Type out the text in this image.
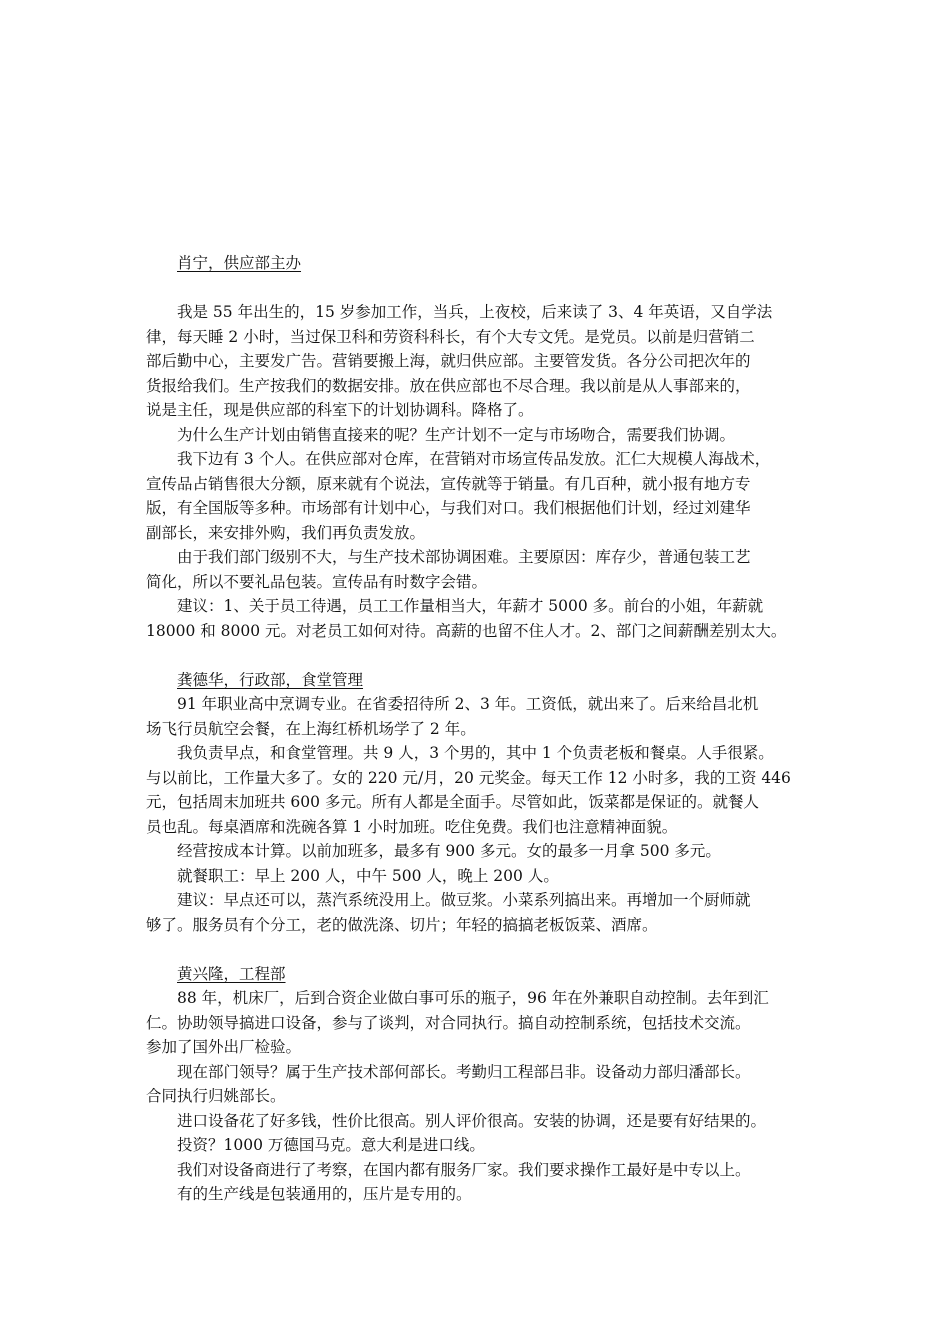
肖宁，供应部主办
我是 55 年出生的，15 岁参加工作，当兵，上夜校，后来读了 3、4 年英语，又自学法
律，每天睡 2 小时，当过保卫科和劳资科科长，有个大专文凭。是党员。以前是归营销二
部后勤中心，主要发广告。营销要搬上海，就归供应部。主要管发货。各分公司把次年的
货报给我们。生产按我们的数据安排。放在供应部也不尽合理。我以前是从人事部来的，
说是主任，现是供应部的科室下的计划协调科。降格了。
为什么生产计划由销售直接来的呢？生产计划不一定与市场吻合，需要我们协调。
我下边有 3 个人。在供应部对仓库，在营销对市场宣传品发放。汇仁大规模人海战术，
宣传品占销售很大分额，原来就有个说法，宣传就等于销量。有几百种，就小报有地方专
版，有全国版等多种。市场部有计划中心，与我们对口。我们根据他们计划，经过刘建华
副部长，来安排外购，我们再负责发放。
由于我们部门级别不大，与生产技术部协调困难。主要原因：库存少，普通包装工艺
简化，所以不要礼品包装。宣传品有时数字会错。
建议：1、关于员工待遇，员工工作量相当大，年薪才 5000 多。前台的小姐，年薪就
18000 和 8000 元。对老员工如何对待。高薪的也留不住人才。2、部门之间薪酬差别太大。
龚德华，行政部，食堂管理
91 年职业高中烹调专业。在省委招待所 2、3 年。工资低，就出来了。后来给昌北机
场飞行员航空会餐，在上海红桥机场学了 2 年。
我负责早点，和食堂管理。共 9 人，3 个男的，其中 1 个负责老板和餐桌。人手很紧。
与以前比，工作量大多了。女的 220 元/月，20 元奖金。每天工作 12 小时多，我的工资 446
元，包括周末加班共 600 多元。所有人都是全面手。尽管如此，饭菜都是保证的。就餐人
员也乱。每桌酒席和洗碗各算 1 小时加班。吃住免费。我们也注意精神面貌。
经营按成本计算。以前加班多，最多有 900 多元。女的最多一月拿 500 多元。
就餐职工：早上 200 人，中午 500 人，晚上 200 人。
建议：早点还可以，蒸汽系统没用上。做豆浆。小菜系列搞出来。再增加一个厨师就
够了。服务员有个分工，老的做洗涤、切片；年轻的搞搞老板饭菜、酒席。
黄兴隆，工程部
88 年，机床厂，后到合资企业做白事可乐的瓶子，96 年在外兼职自动控制。去年到汇
仁。协助领导搞进口设备，参与了谈判，对合同执行。搞自动控制系统，包括技术交流。
参加了国外出厂检验。
现在部门领导？属于生产技术部何部长。考勤归工程部吕非。设备动力部归潘部长。
合同执行归姚部长。
进口设备花了好多钱，性价比很高。别人评价很高。安装的协调，还是要有好结果的。
投资？1000 万德国马克。意大利是进口线。
我们对设备商进行了考察，在国内都有服务厂家。我们要求操作工最好是中专以上。
有的生产线是包装通用的，压片是专用的。
